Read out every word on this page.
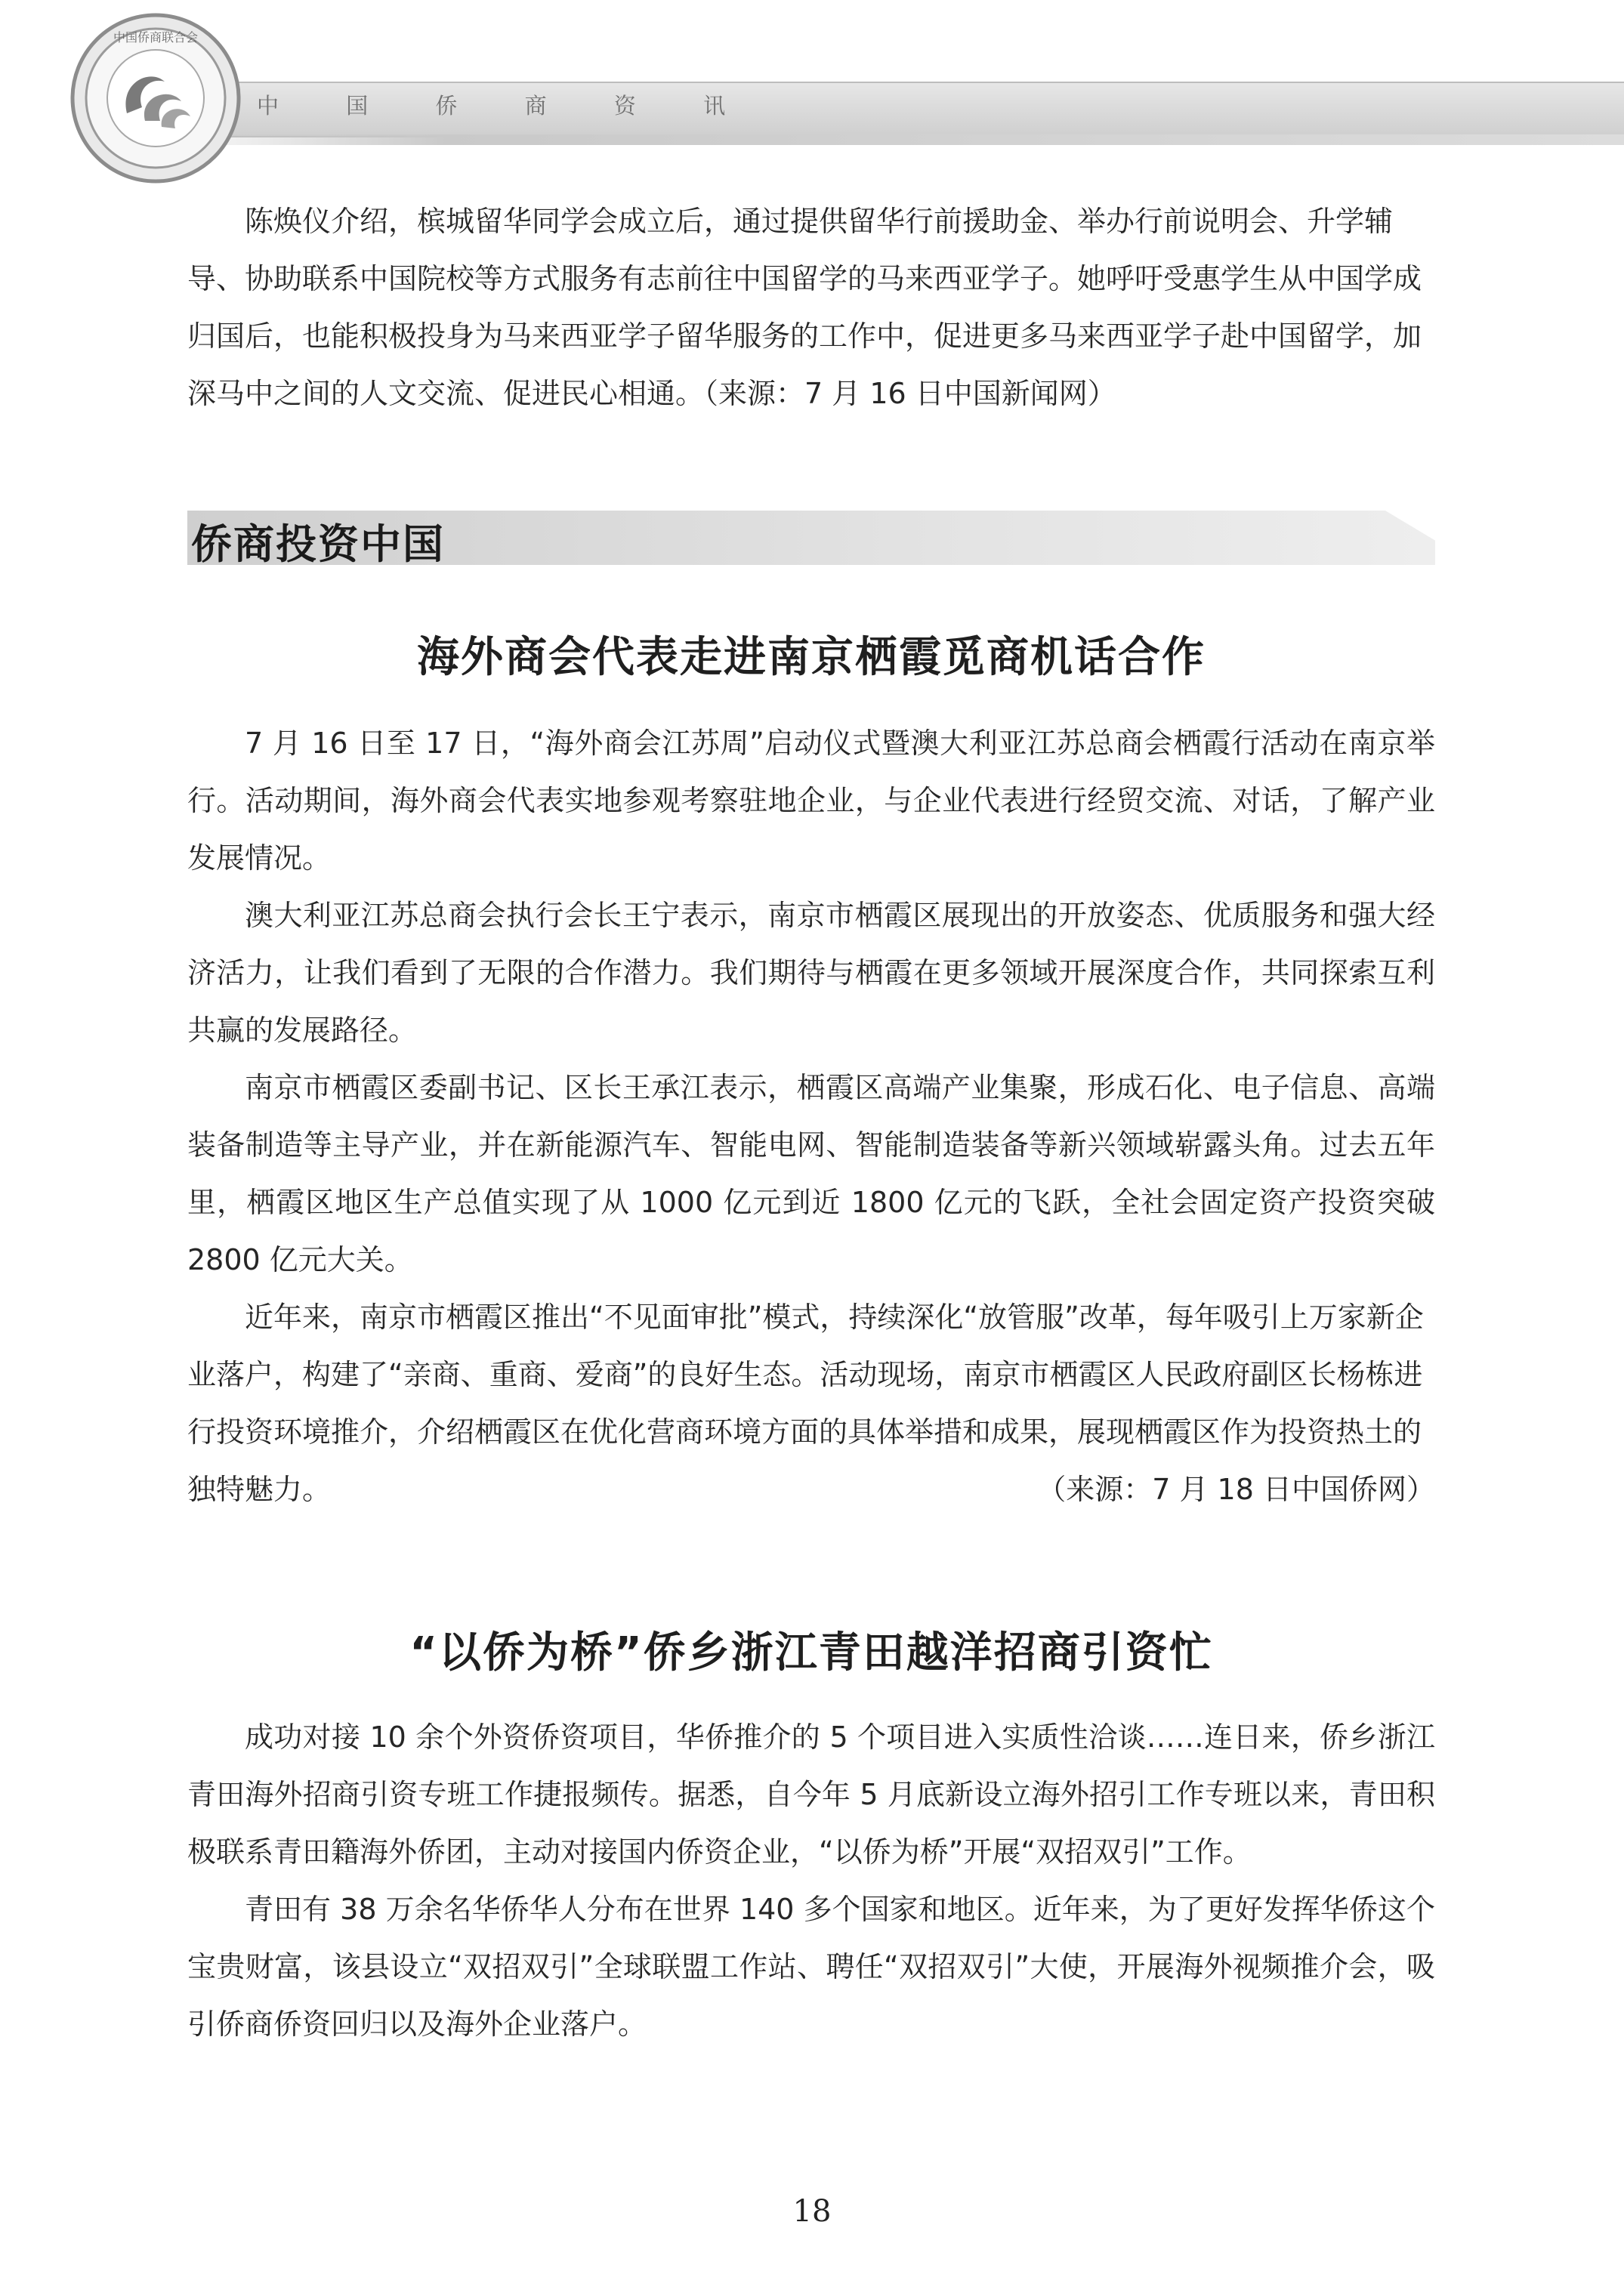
中国侨商联合会
中 国 侨 商 资 讯

陈焕仪介绍，槟城留华同学会成立后，通过提供留华行前援助金、举办行前说明会、升学辅导、协助联系中国院校等方式服务有志前往中国留学的马来西亚学子。她呼吁受惠学生从中国学成归国后，也能积极投身为马来西亚学子留华服务的工作中，促进更多马来西亚学子赴中国留学，加深马中之间的人文交流、促进民心相通。（来源：7 月 16 日中国新闻网）

侨商投资中国
海外商会代表走进南京栖霞觅商机话合作

7 月 16 日至 17 日，“海外商会江苏周”启动仪式暨澳大利亚江苏总商会栖霞行活动在南京举行。活动期间，海外商会代表实地参观考察驻地企业，与企业代表进行经贸交流、对话，了解产业发展情况。

澳大利亚江苏总商会执行会长王宁表示，南京市栖霞区展现出的开放姿态、优质服务和强大经济活力，让我们看到了无限的合作潜力。我们期待与栖霞在更多领域开展深度合作，共同探索互利共赢的发展路径。

南京市栖霞区委副书记、区长王承江表示，栖霞区高端产业集聚，形成石化、电子信息、高端装备制造等主导产业，并在新能源汽车、智能电网、智能制造装备等新兴领域崭露头角。过去五年里，栖霞区地区生产总值实现了从 1000 亿元到近 1800 亿元的飞跃，全社会固定资产投资突破 2800 亿元大关。

近年来，南京市栖霞区推出“不见面审批”模式，持续深化“放管服”改革，每年吸引上万家新企业落户，构建了“亲商、重商、爱商”的良好生态。活动现场，南京市栖霞区人民政府副区长杨栋进行投资环境推介，介绍栖霞区在优化营商环境方面的具体举措和成果，展现栖霞区作为投资热土的独特魅力。	（来源：7 月 18 日中国侨网）

“以侨为桥”侨乡浙江青田越洋招商引资忙

成功对接 10 余个外资侨资项目，华侨推介的 5 个项目进入实质性洽谈……连日来，侨乡浙江青田海外招商引资专班工作捷报频传。据悉，自今年 5 月底新设立海外招引工作专班以来，青田积极联系青田籍海外侨团，主动对接国内侨资企业，“以侨为桥”开展“双招双引”工作。

青田有 38 万余名华侨华人分布在世界 140 多个国家和地区。近年来，为了更好发挥华侨这个宝贵财富，该县设立“双招双引”全球联盟工作站、聘任“双招双引”大使，开展海外视频推介会，吸引侨商侨资回归以及海外企业落户。

18
